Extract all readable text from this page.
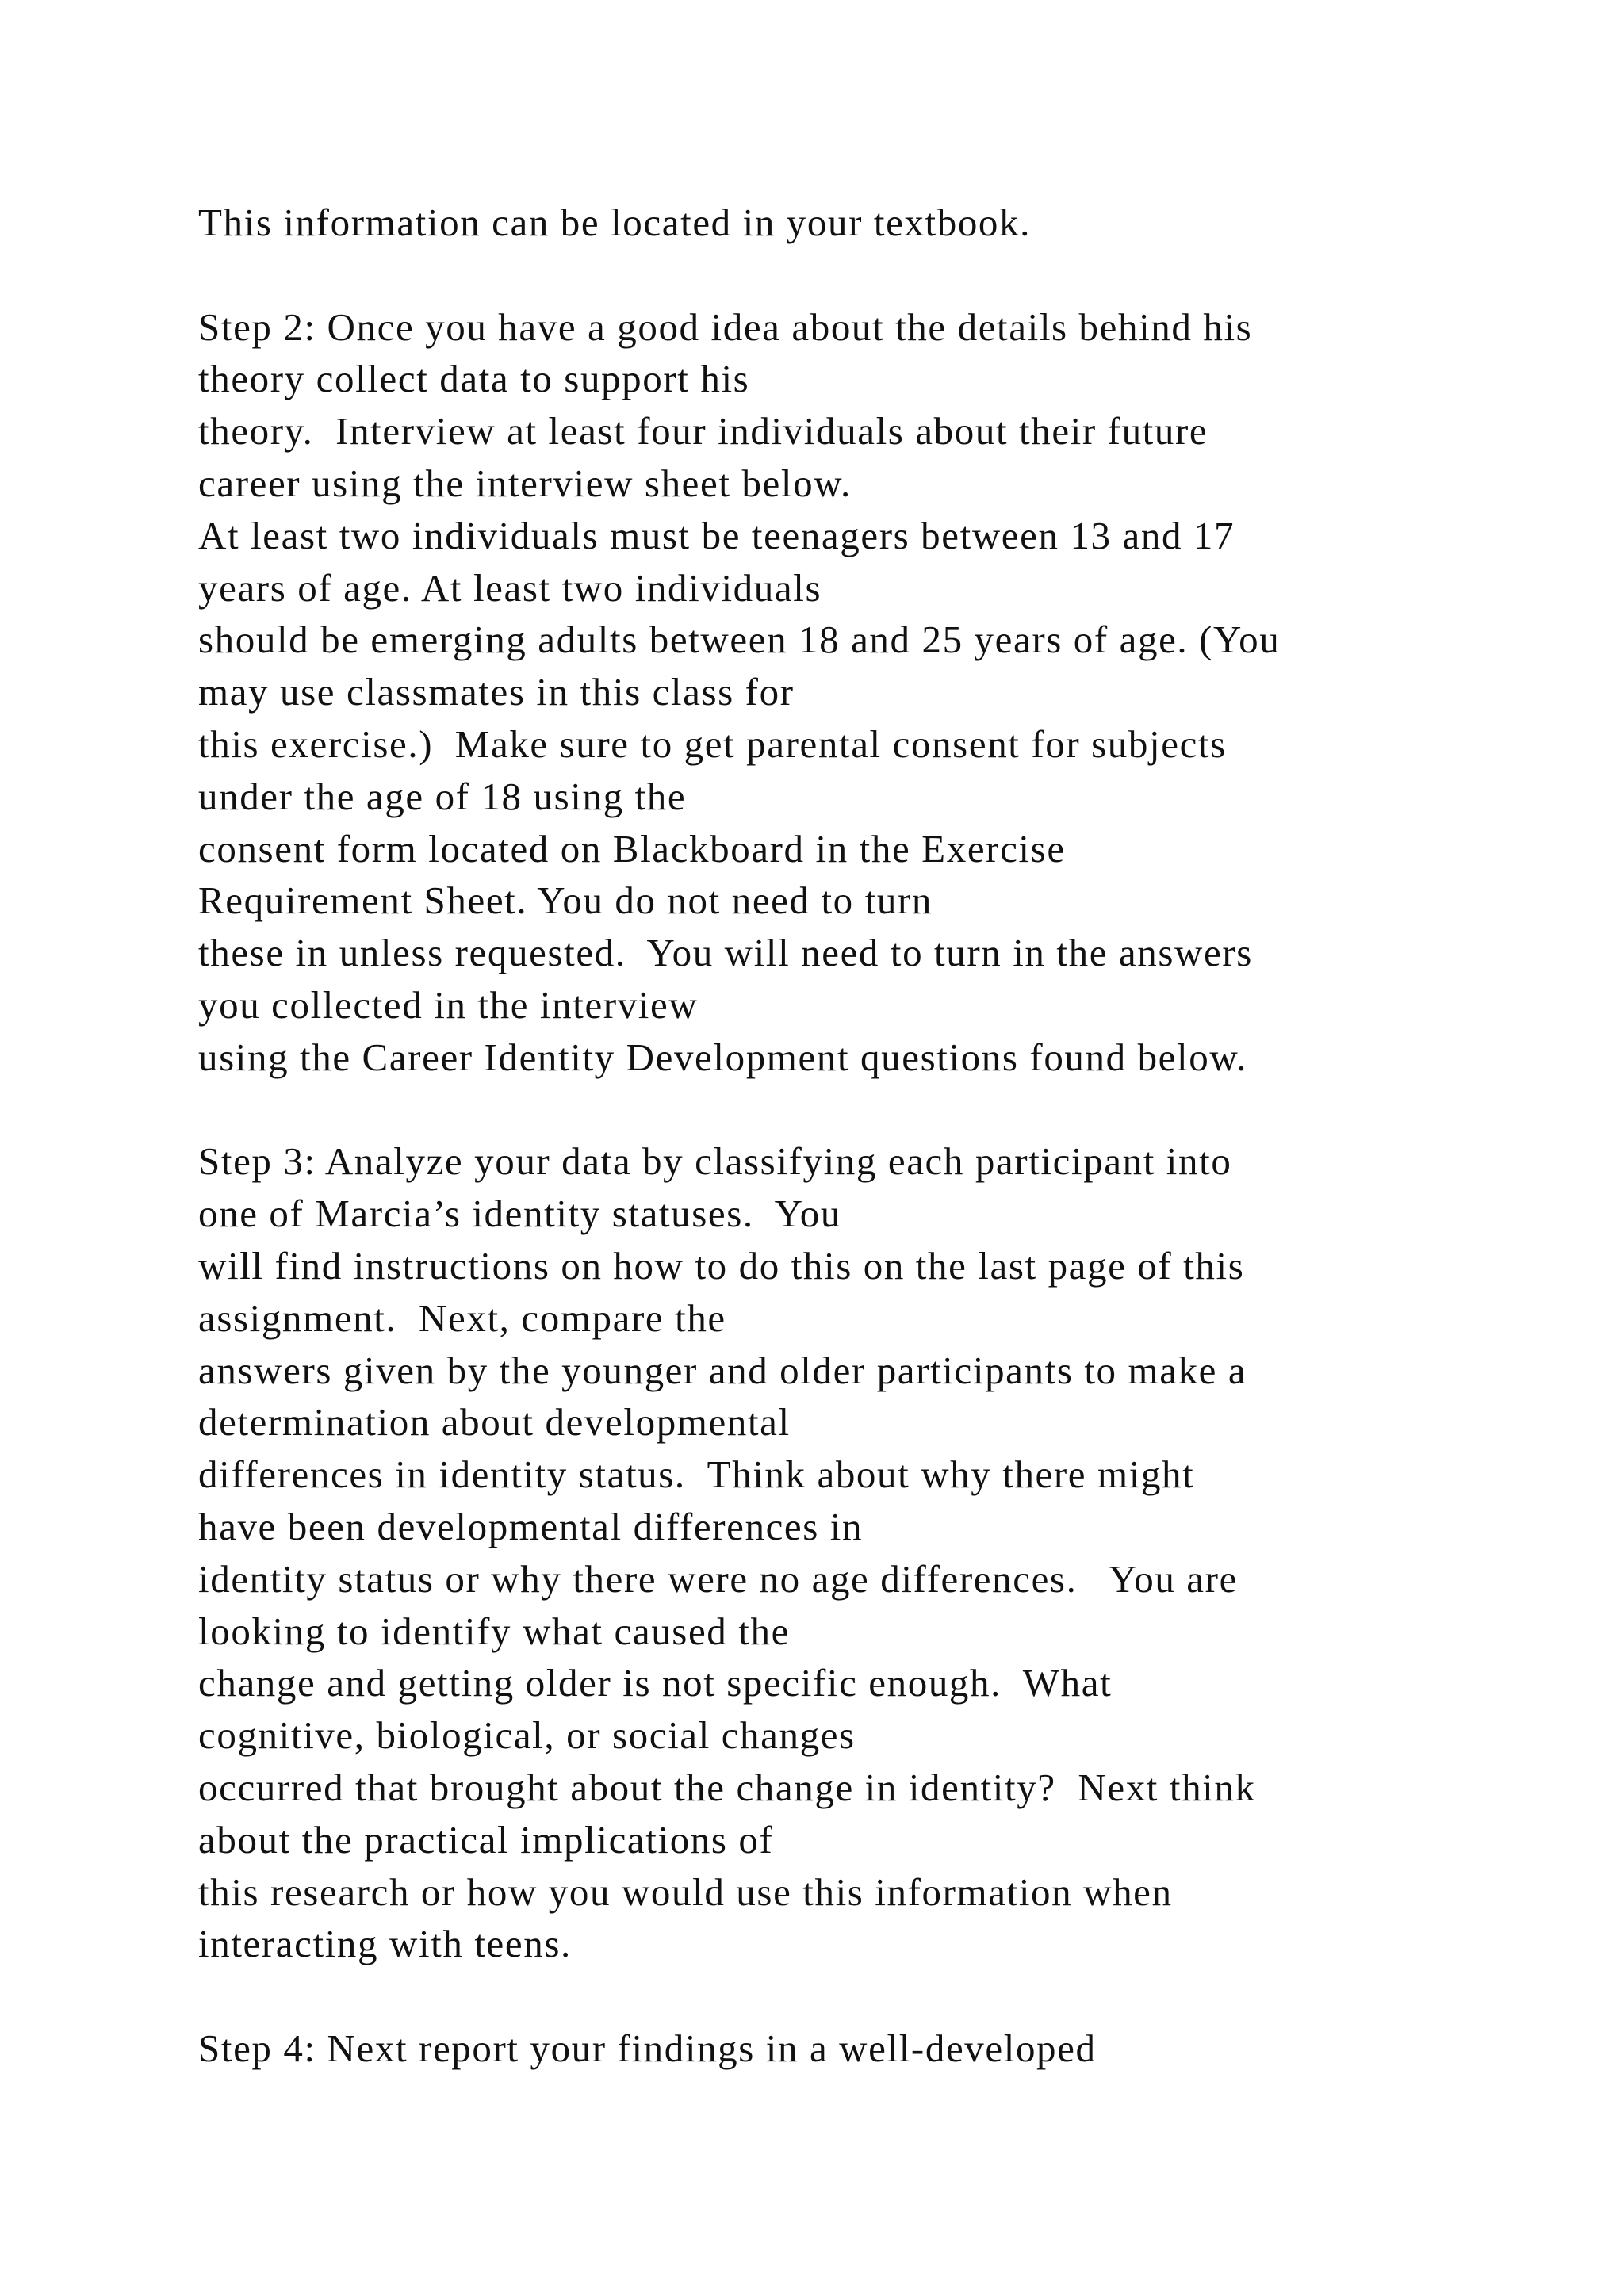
This information can be located in your textbook.
Step 2: Once you have a good idea about the details behind his
theory collect data to support his
theory.  Interview at least four individuals about their future
career using the interview sheet below.
At least two individuals must be teenagers between 13 and 17
years of age. At least two individuals
should be emerging adults between 18 and 25 years of age. (You
may use classmates in this class for
this exercise.)  Make sure to get parental consent for subjects
under the age of 18 using the
consent form located on Blackboard in the Exercise
Requirement Sheet. You do not need to turn
these in unless requested.  You will need to turn in the answers
you collected in the interview
using the Career Identity Development questions found below.
Step 3: Analyze your data by classifying each participant into
one of Marcia’s identity statuses.  You
will find instructions on how to do this on the last page of this
assignment.  Next, compare the
answers given by the younger and older participants to make a
determination about developmental
differences in identity status.  Think about why there might
have been developmental differences in
identity status or why there were no age differences.   You are
looking to identify what caused the
change and getting older is not specific enough.  What
cognitive, biological, or social changes
occurred that brought about the change in identity?  Next think
about the practical implications of
this research or how you would use this information when
interacting with teens.
Step 4: Next report your findings in a well-developed
